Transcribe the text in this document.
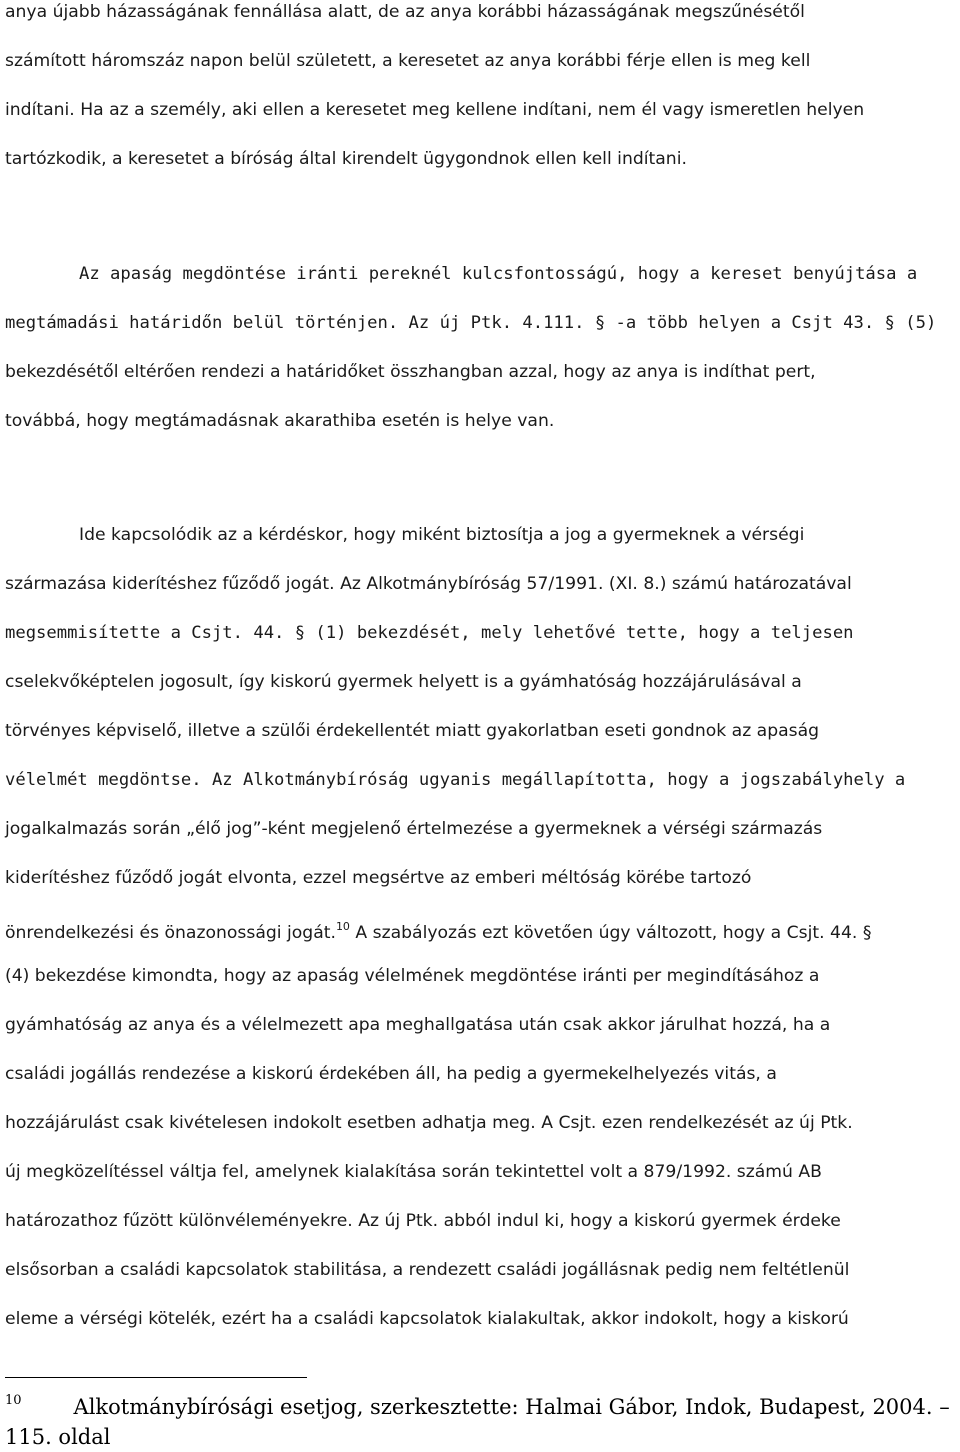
anya újabb házasságának fennállása alatt, de az anya korábbi házasságának megszűnésétől
számított háromszáz napon belül született, a keresetet az anya korábbi férje ellen is meg kell
indítani. Ha az a személy, aki ellen a keresetet meg kellene indítani, nem él vagy ismeretlen helyen
tartózkodik, a keresetet a bíróság által kirendelt ügygondnok ellen kell indítani.
Az apaság megdöntése iránti pereknél kulcsfontosságú, hogy a kereset benyújtása a
megtámadási határidőn belül történjen. Az új Ptk. 4.111. § -a több helyen a Csjt 43. § (5)
bekezdésétől eltérően rendezi a határidőket összhangban azzal, hogy az anya is indíthat pert,
továbbá, hogy megtámadásnak akarathiba esetén is helye van.
Ide kapcsolódik az a kérdéskor, hogy miként biztosítja a jog a gyermeknek a vérségi
származása kiderítéshez fűződő jogát. Az Alkotmánybíróság 57/1991. (XI. 8.) számú határozatával
megsemmisítette a Csjt. 44. § (1) bekezdését, mely lehetővé tette, hogy a teljesen
cselekvőképtelen jogosult, így kiskorú gyermek helyett is a gyámhatóság hozzájárulásával a
törvényes képviselő, illetve a szülői érdekellentét miatt gyakorlatban eseti gondnok az apaság
vélelmét megdöntse. Az Alkotmánybíróság ugyanis megállapította, hogy a jogszabályhely a
jogalkalmazás során „élő jog”-ként megjelenő értelmezése a gyermeknek a vérségi származás
kiderítéshez fűződő jogát elvonta, ezzel megsértve az emberi méltóság körébe tartozó
önrendelkezési és önazonossági jogát.$^{10}$ A szabályozás ezt követően úgy változott, hogy a Csjt. 44. §
(4) bekezdése kimondta, hogy az apaság vélelmének megdöntése iránti per megindításához a
gyámhatóság az anya és a vélelmezett apa meghallgatása után csak akkor járulhat hozzá, ha a
családi jogállás rendezése a kiskorú érdekében áll, ha pedig a gyermekelhelyezés vitás, a
hozzájárulást csak kivételesen indokolt esetben adhatja meg. A Csjt. ezen rendelkezését az új Ptk.
új megközelítéssel váltja fel, amelynek kialakítása során tekintettel volt a 879/1992. számú AB
határozathoz fűzött különvéleményekre. Az új Ptk. abból indul ki, hogy a kiskorú gyermek érdeke
elsősorban a családi kapcsolatok stabilitása, a rendezett családi jogállásnak pedig nem feltétlenül
eleme a vérségi kötelék, ezért ha a családi kapcsolatok kialakultak, akkor indokolt, hogy a kiskorú
$^{10}$ Alkotmánybírósági esetjog, szerkesztette: Halmai Gábor, Indok, Budapest, 2004. –
115. oldal
